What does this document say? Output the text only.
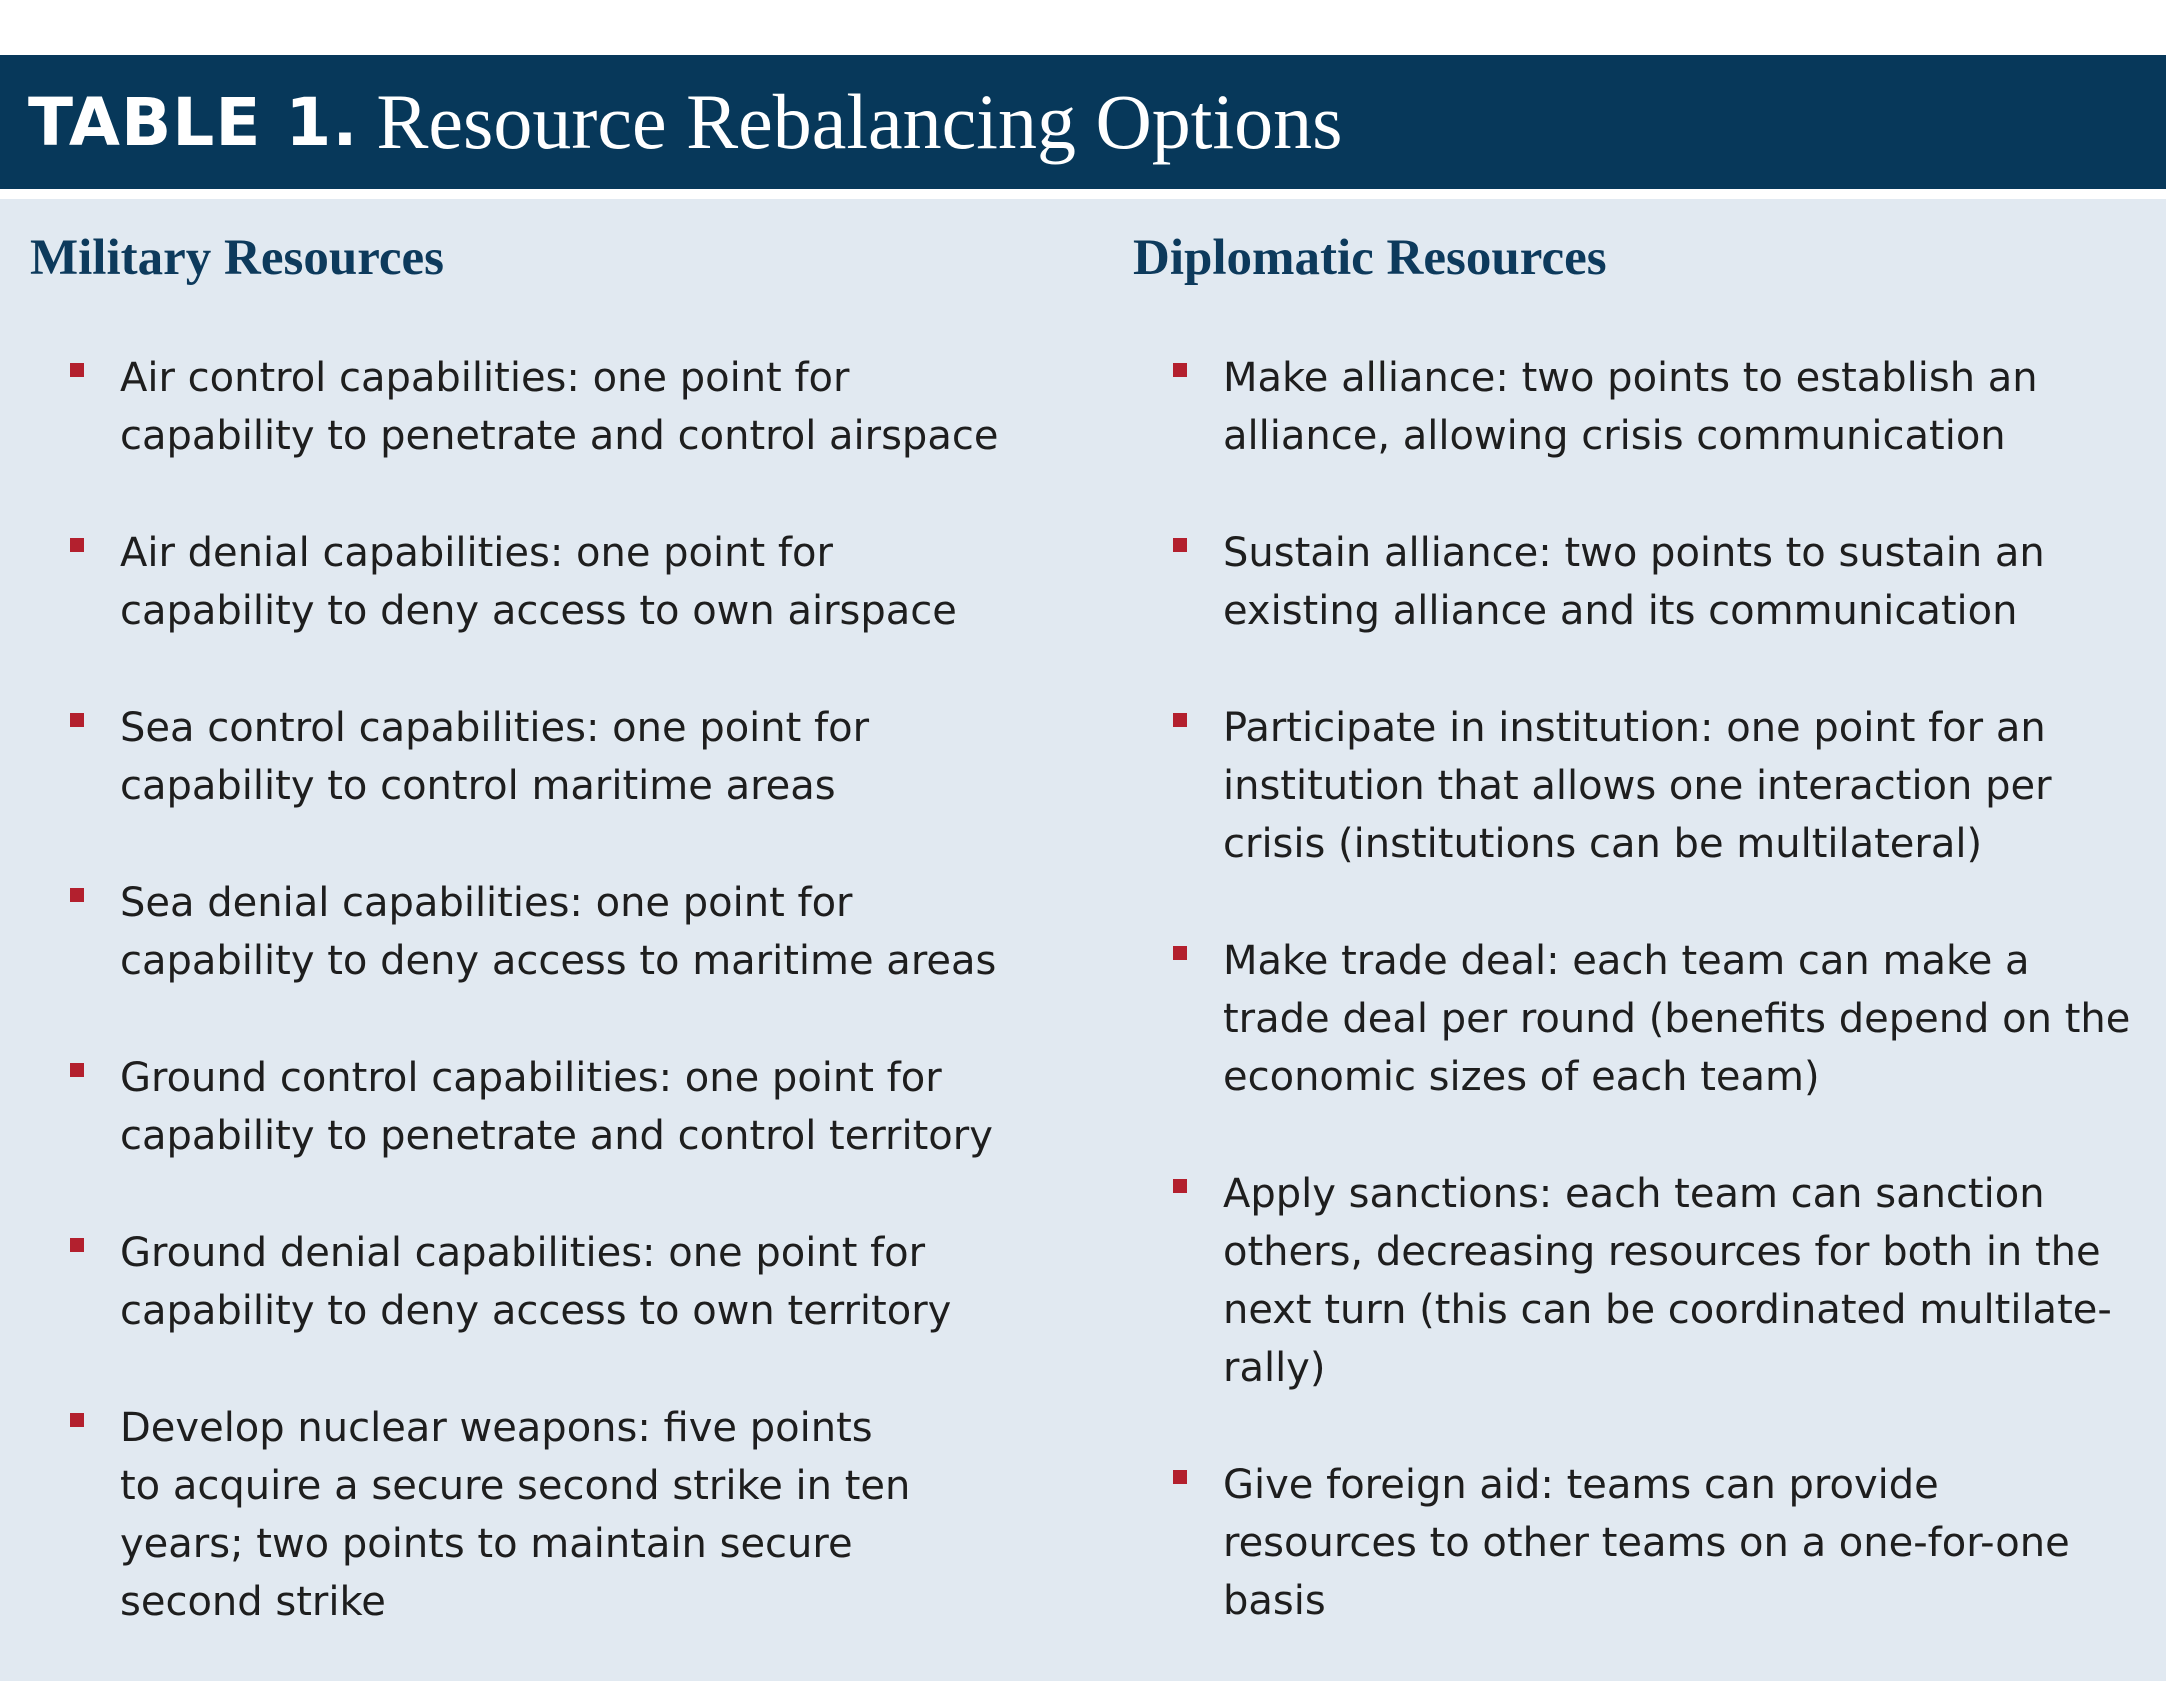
TABLE 1. Resource Rebalancing Options
Military Resources
Air control capabilities: one point for
capability to penetrate and control airspace
Air denial capabilities: one point for
capability to deny access to own airspace
Sea control capabilities: one point for
capability to control maritime areas
Sea denial capabilities: one point for
capability to deny access to maritime areas
Ground control capabilities: one point for
capability to penetrate and control territory
Ground denial capabilities: one point for
capability to deny access to own territory
Develop nuclear weapons: five points
to acquire a secure second strike in ten
years; two points to maintain secure
second strike
Diplomatic Resources
Make alliance: two points to establish an
alliance, allowing crisis communication
Sustain alliance: two points to sustain an
existing alliance and its communication
Participate in institution: one point for an
institution that allows one interaction per
crisis (institutions can be multilateral)
Make trade deal: each team can make a
trade deal per round (benefits depend on the
economic sizes of each team)
Apply sanctions: each team can sanction
others, decreasing resources for both in the
next turn (this can be coordinated multilate-
rally)
Give foreign aid: teams can provide
resources to other teams on a one-for-one
basis
